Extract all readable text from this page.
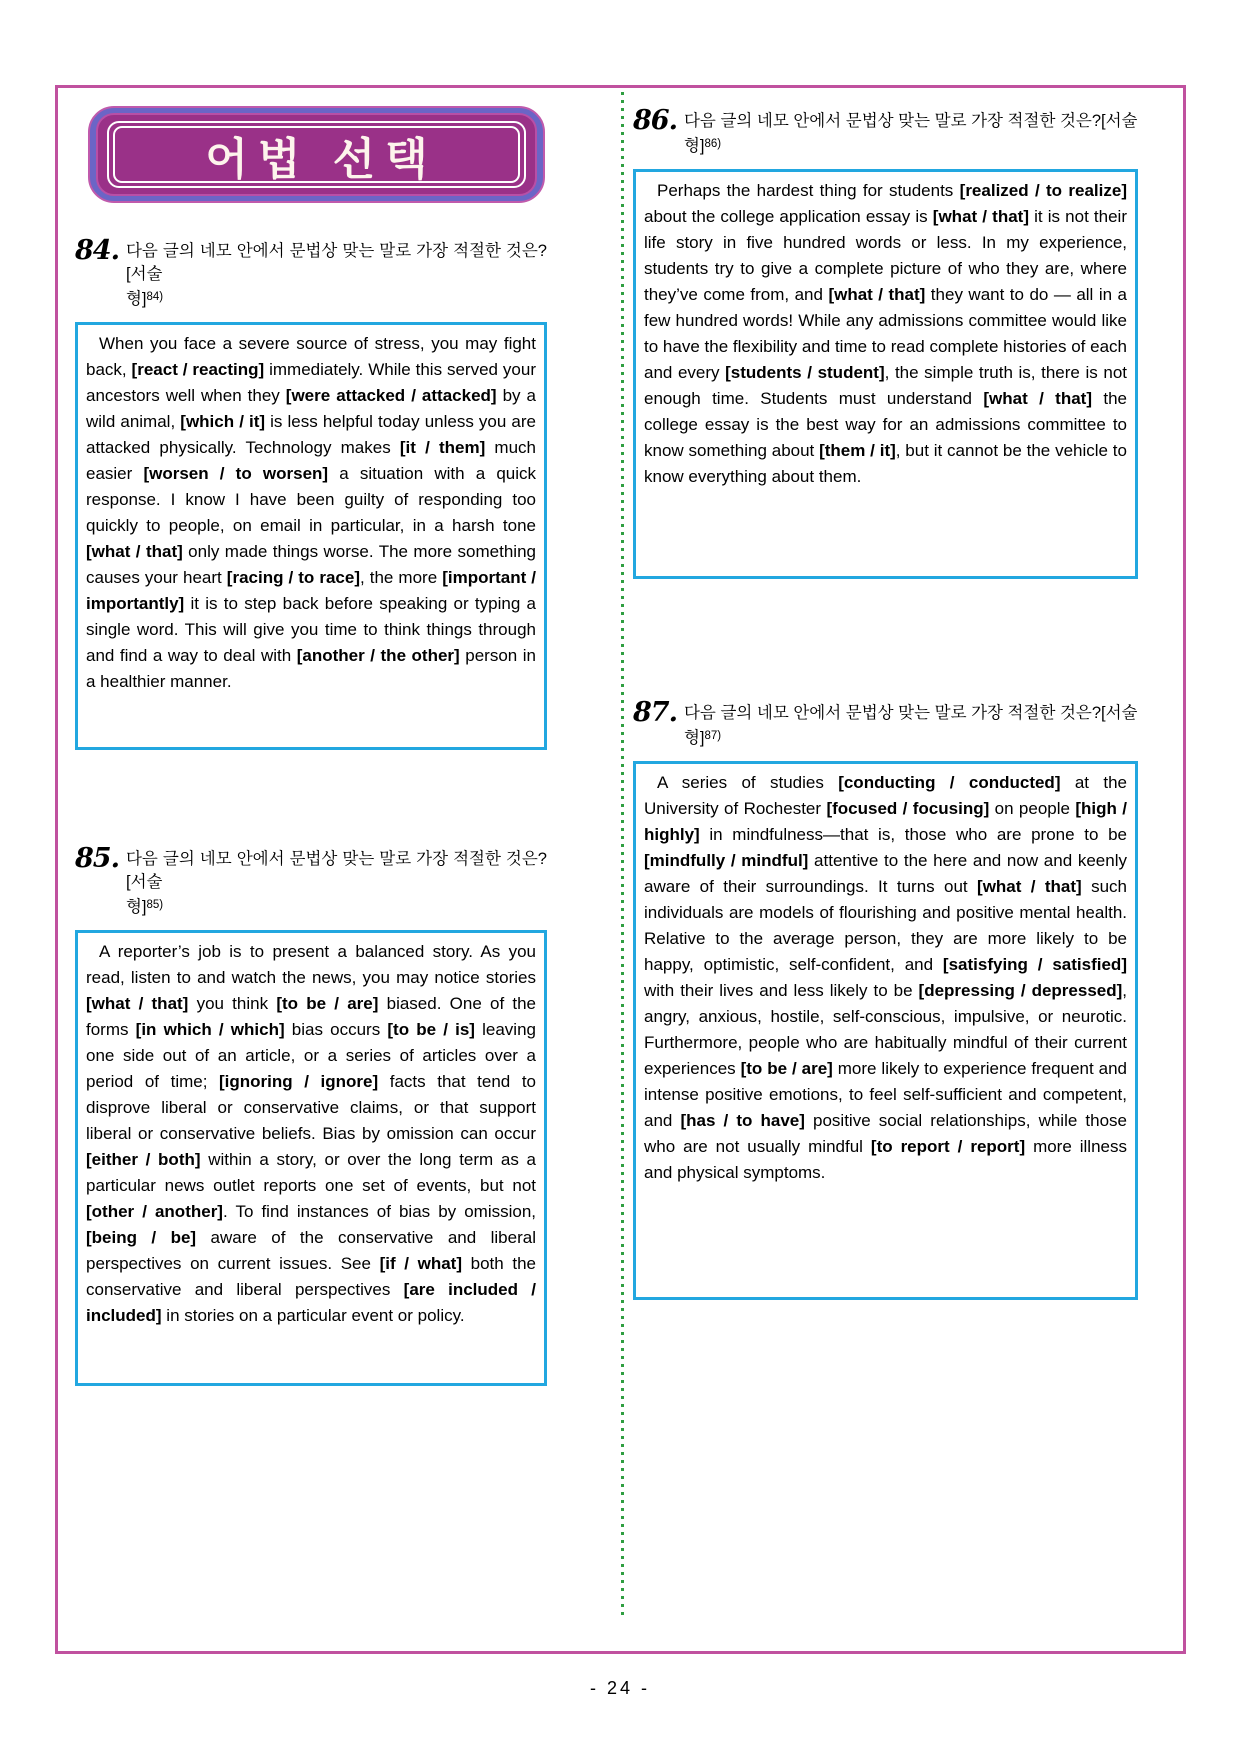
어법 선택
84. 다음 글의 네모 안에서 문법상 맞는 말로 가장 적절한 것은?[서술
형]$^{84)}$
When you face a severe source of stress, you may fight back, [react / reacting] immediately. While this served your ancestors well when they [were attacked / attacked] by a wild animal, [which / it] is less helpful today unless you are attacked physically. Technology makes [it / them] much easier [worsen / to worsen] a situation with a quick response. I know I have been guilty of responding too quickly to people, on email in particular, in a harsh tone [what / that] only made things worse. The more something causes your heart [racing / to race], the more [important / importantly] it is to step back before speaking or typing a single word. This will give you time to think things through and find a way to deal with [another / the other] person in a healthier manner.
85. 다음 글의 네모 안에서 문법상 맞는 말로 가장 적절한 것은?[서술
형]$^{85)}$
A reporter’s job is to present a balanced story. As you read, listen to and watch the news, you may notice stories [what / that] you think [to be / are] biased. One of the forms [in which / which] bias occurs [to be / is] leaving one side out of an article, or a series of articles over a period of time; [ignoring / ignore] facts that tend to disprove liberal or conservative claims, or that support liberal or conservative beliefs. Bias by omission can occur [either / both] within a story, or over the long term as a particular news outlet reports one set of events, but not [other / another]. To find instances of bias by omission, [being / be] aware of the conservative and liberal perspectives on current issues. See [if / what] both the conservative and liberal perspectives [are included / included] in stories on a particular event or policy.
86. 다음 글의 네모 안에서 문법상 맞는 말로 가장 적절한 것은?[서술
형]$^{86)}$
Perhaps the hardest thing for students [realized / to realize] about the college application essay is [what / that] it is not their life story in five hundred words or less. In my experience, students try to give a complete picture of who they are, where they’ve come from, and [what / that] they want to do — all in a few hundred words! While any admissions committee would like to have the flexibility and time to read complete histories of each and every [students / student], the simple truth is, there is not enough time. Students must understand [what / that] the college essay is the best way for an admissions committee to know something about [them / it], but it cannot be the vehicle to know everything about them.
87. 다음 글의 네모 안에서 문법상 맞는 말로 가장 적절한 것은?[서술
형]$^{87)}$
A series of studies [conducting / conducted] at the University of Rochester [focused / focusing] on people [high / highly] in mindfulness—that is, those who are prone to be [mindfully / mindful] attentive to the here and now and keenly aware of their surroundings. It turns out [what / that] such individuals are models of flourishing and positive mental health. Relative to the average person, they are more likely to be happy, optimistic, self-confident, and [satisfying / satisfied] with their lives and less likely to be [depressing / depressed], angry, anxious, hostile, self-conscious, impulsive, or neurotic. Furthermore, people who are habitually mindful of their current experiences [to be / are] more likely to experience frequent and intense positive emotions, to feel self-sufficient and competent, and [has / to have] positive social relationships, while those who are not usually mindful [to report / report] more illness and physical symptoms.
- 24 -
